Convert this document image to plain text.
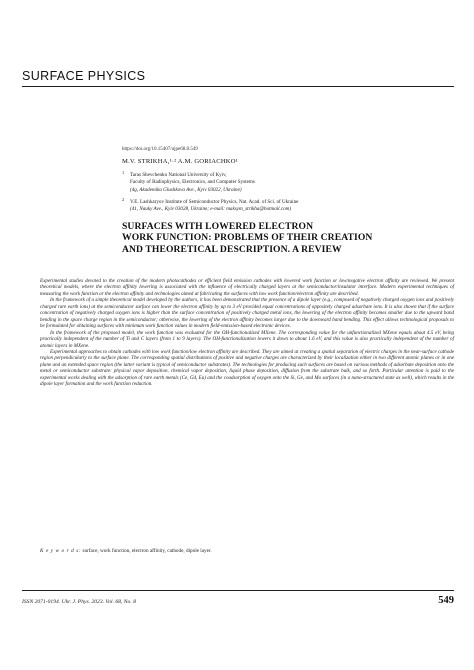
SURFACE PHYSICS
https://doi.org/10.15407/ujpe68.8.549
M.V. STRIKHA,¹·² A.M. GORIACHKO¹
1 Taras Shevchenko National University of Kyiv,
Faculty of Radiophysics, Electronics, and Computer Systems
(4g, Akademika Glushkova Ave., Kyiv 03022, Ukraine)
2 V.E. Lashkaryov Institute of Semiconductor Physics, Nat. Acad. of Sci. of Ukraine
(41, Nauky Ave., Kyiv 03028, Ukraine; e-mail: maksym_strikha@hotmail.com)
SURFACES WITH LOWERED ELECTRON
WORK FUNCTION: PROBLEMS OF THEIR CREATION
AND THEORETICAL DESCRIPTION. A REVIEW

Experimental studies devoted to the creation of the modern photocathodes or efficient field emission cathodes with lowered work function or low/negative electron affinity are reviewed. We present theoretical models, where the electron affinity lowering is associated with the influence of electrically charged layers at the semiconductor/insulator interface. Modern experimental techniques of measuring the work function or the electron affinity and technologies aimed at fabricating the surfaces with low work function/electron affinity are described.

In the framework of a simple theoretical model developed by the authors, it has been demonstrated that the presence of a dipole layer (e.g., composed of negatively charged oxygen ions and positively charged rare earth ions) at the semiconductor surface can lower the electron affinity by up to 3 eV provided equal concentrations of oppositely charged adsorbate ions. It is also shown that if the surface concentration of negatively charged oxygen ions is higher than the surface concentration of positively charged metal ions, the lowering of the electron affinity becomes smaller due to the upward band bending in the space charge region in the semiconductor; otherwise, the lowering of the electron affinity becomes larger due to the downward band bending. This effect allows technological proposals to be formulated for obtaining surfaces with minimum work function values in modern field-emission-based electronic devices.

In the framework of the proposed model, the work function was evaluated for the OH-functionalized MXene. The corresponding value for the unfunctionalized MXene equals about 4.5 eV, being practically independent of the number of Ti and C layers (from 1 to 9 layers). The OH-functionalization lowers it down to about 1.6 eV, and this value is also practically independent of the number of atomic layers in MXene.

Experimental approaches to obtain cathodes with low work function/low electron affinity are described. They are aimed at creating a spatial separation of electric charges in the near-surface cathode region perpendicularly to the surface plane. The corresponding spatial distributions of positive and negative charges are characterized by their localization either in two different atomic planes or in one plane and an extended space region (the latter variant is typical of semiconductor substrates). The technologies for producing such surfaces are based on various methods of adsorbate deposition onto the metal or semiconductor substrate: physical vapor deposition, chemical vapor deposition, liquid phase deposition, diffusion from the substrate bulk, and so forth. Particular attention is paid to the experimental works dealing with the adsorption of rare earth metals (Ce, Gd, Eu) and the coadsorption of oxygen onto the Si, Ge, and Mo surfaces (in a nano-structured state as well), which results in the dipole layer formation and the work function reduction.

K e y w o r d s: surface, work function, electron affinity, cathode, dipole layer.
ISSN 2071-0194. Ukr. J. Phys. 2023. Vol. 68, No. 8	549
